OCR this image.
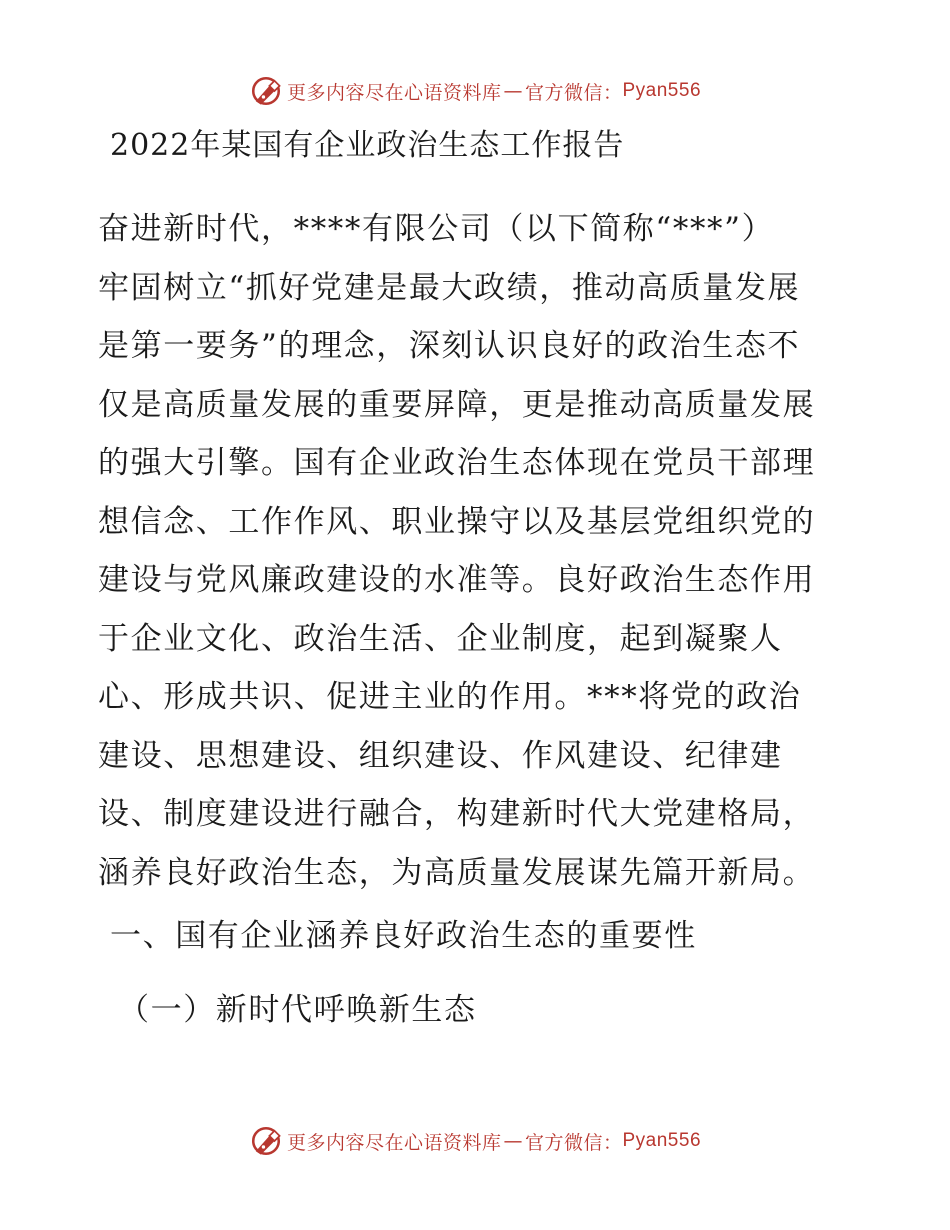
更多内容尽在心语资料库 — 官方微信： Pyan556
2022年某国有企业政治生态工作报告
奋进新时代，****有限公司（以下简称“***”）
牢固树立“抓好党建是最大政绩，推动高质量发展
是第一要务”的理念，深刻认识良好的政治生态不
仅是高质量发展的重要屏障，更是推动高质量发展
的强大引擎。国有企业政治生态体现在党员干部理
想信念、工作作风、职业操守以及基层党组织党的
建设与党风廉政建设的水准等。良好政治生态作用
于企业文化、政治生活、企业制度，起到凝聚人
心、形成共识、促进主业的作用。***将党的政治
建设、思想建设、组织建设、作风建设、纪律建
设、制度建设进行融合，构建新时代大党建格局，
涵养良好政治生态，为高质量发展谋先篇开新局。
一、国有企业涵养良好政治生态的重要性
（一）新时代呼唤新生态
更多内容尽在心语资料库 — 官方微信： Pyan556
